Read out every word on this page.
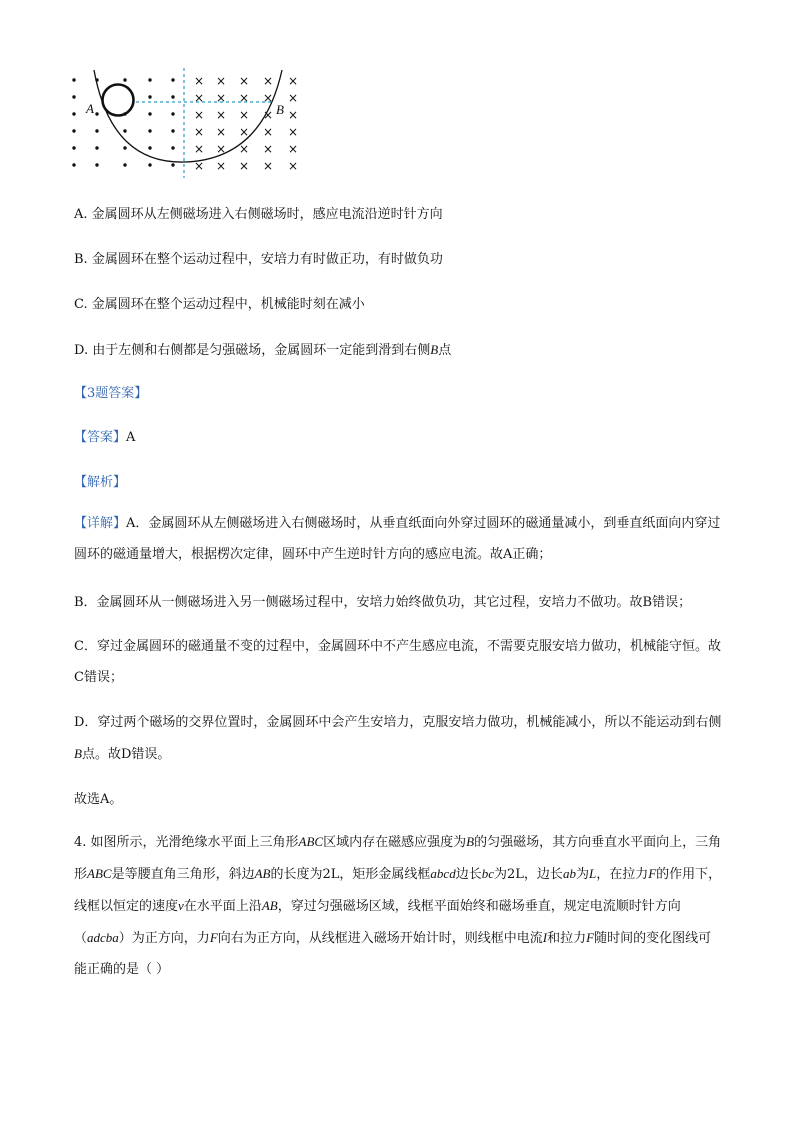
× × × × ×
× × × × ×
× × × × ×
× × × × ×
× × × × ×
× × × × ×
A	B
A. 金属圆环从左侧磁场进入右侧磁场时，感应电流沿逆时针方向
B. 金属圆环在整个运动过程中，安培力有时做正功，有时做负功
C. 金属圆环在整个运动过程中，机械能时刻在减小
D. 由于左侧和右侧都是匀强磁场，金属圆环一定能到滑到右侧B点
【3题答案】
【答案】A
【解析】
【详解】A．金属圆环从左侧磁场进入右侧磁场时，从垂直纸面向外穿过圆环的磁通量减小，到垂直纸面向内穿过圆环的磁通量增大，根据楞次定律，圆环中产生逆时针方向的感应电流。故A正确；
B．金属圆环从一侧磁场进入另一侧磁场过程中，安培力始终做负功，其它过程，安培力不做功。故B错误；
C．穿过金属圆环的磁通量不变的过程中，金属圆环中不产生感应电流，不需要克服安培力做功，机械能守恒。故C错误；
D．穿过两个磁场的交界位置时，金属圆环中会产生安培力，克服安培力做功，机械能减小，所以不能运动到右侧B点。故D错误。
故选A。
4. 如图所示，光滑绝缘水平面上三角形ABC区域内存在磁感应强度为B的匀强磁场，其方向垂直水平面向上，三角形ABC是等腰直角三角形，斜边AB的长度为2L，矩形金属线框abcd边长bc为2L，边长ab为L，在拉力F的作用下，线框以恒定的速度v在水平面上沿AB，穿过匀强磁场区域，线框平面始终和磁场垂直，规定电流顺时针方向（adcba）为正方向，力F向右为正方向，从线框进入磁场开始计时，则线框中电流I和拉力F随时间的变化图线可能正确的是（ ）
